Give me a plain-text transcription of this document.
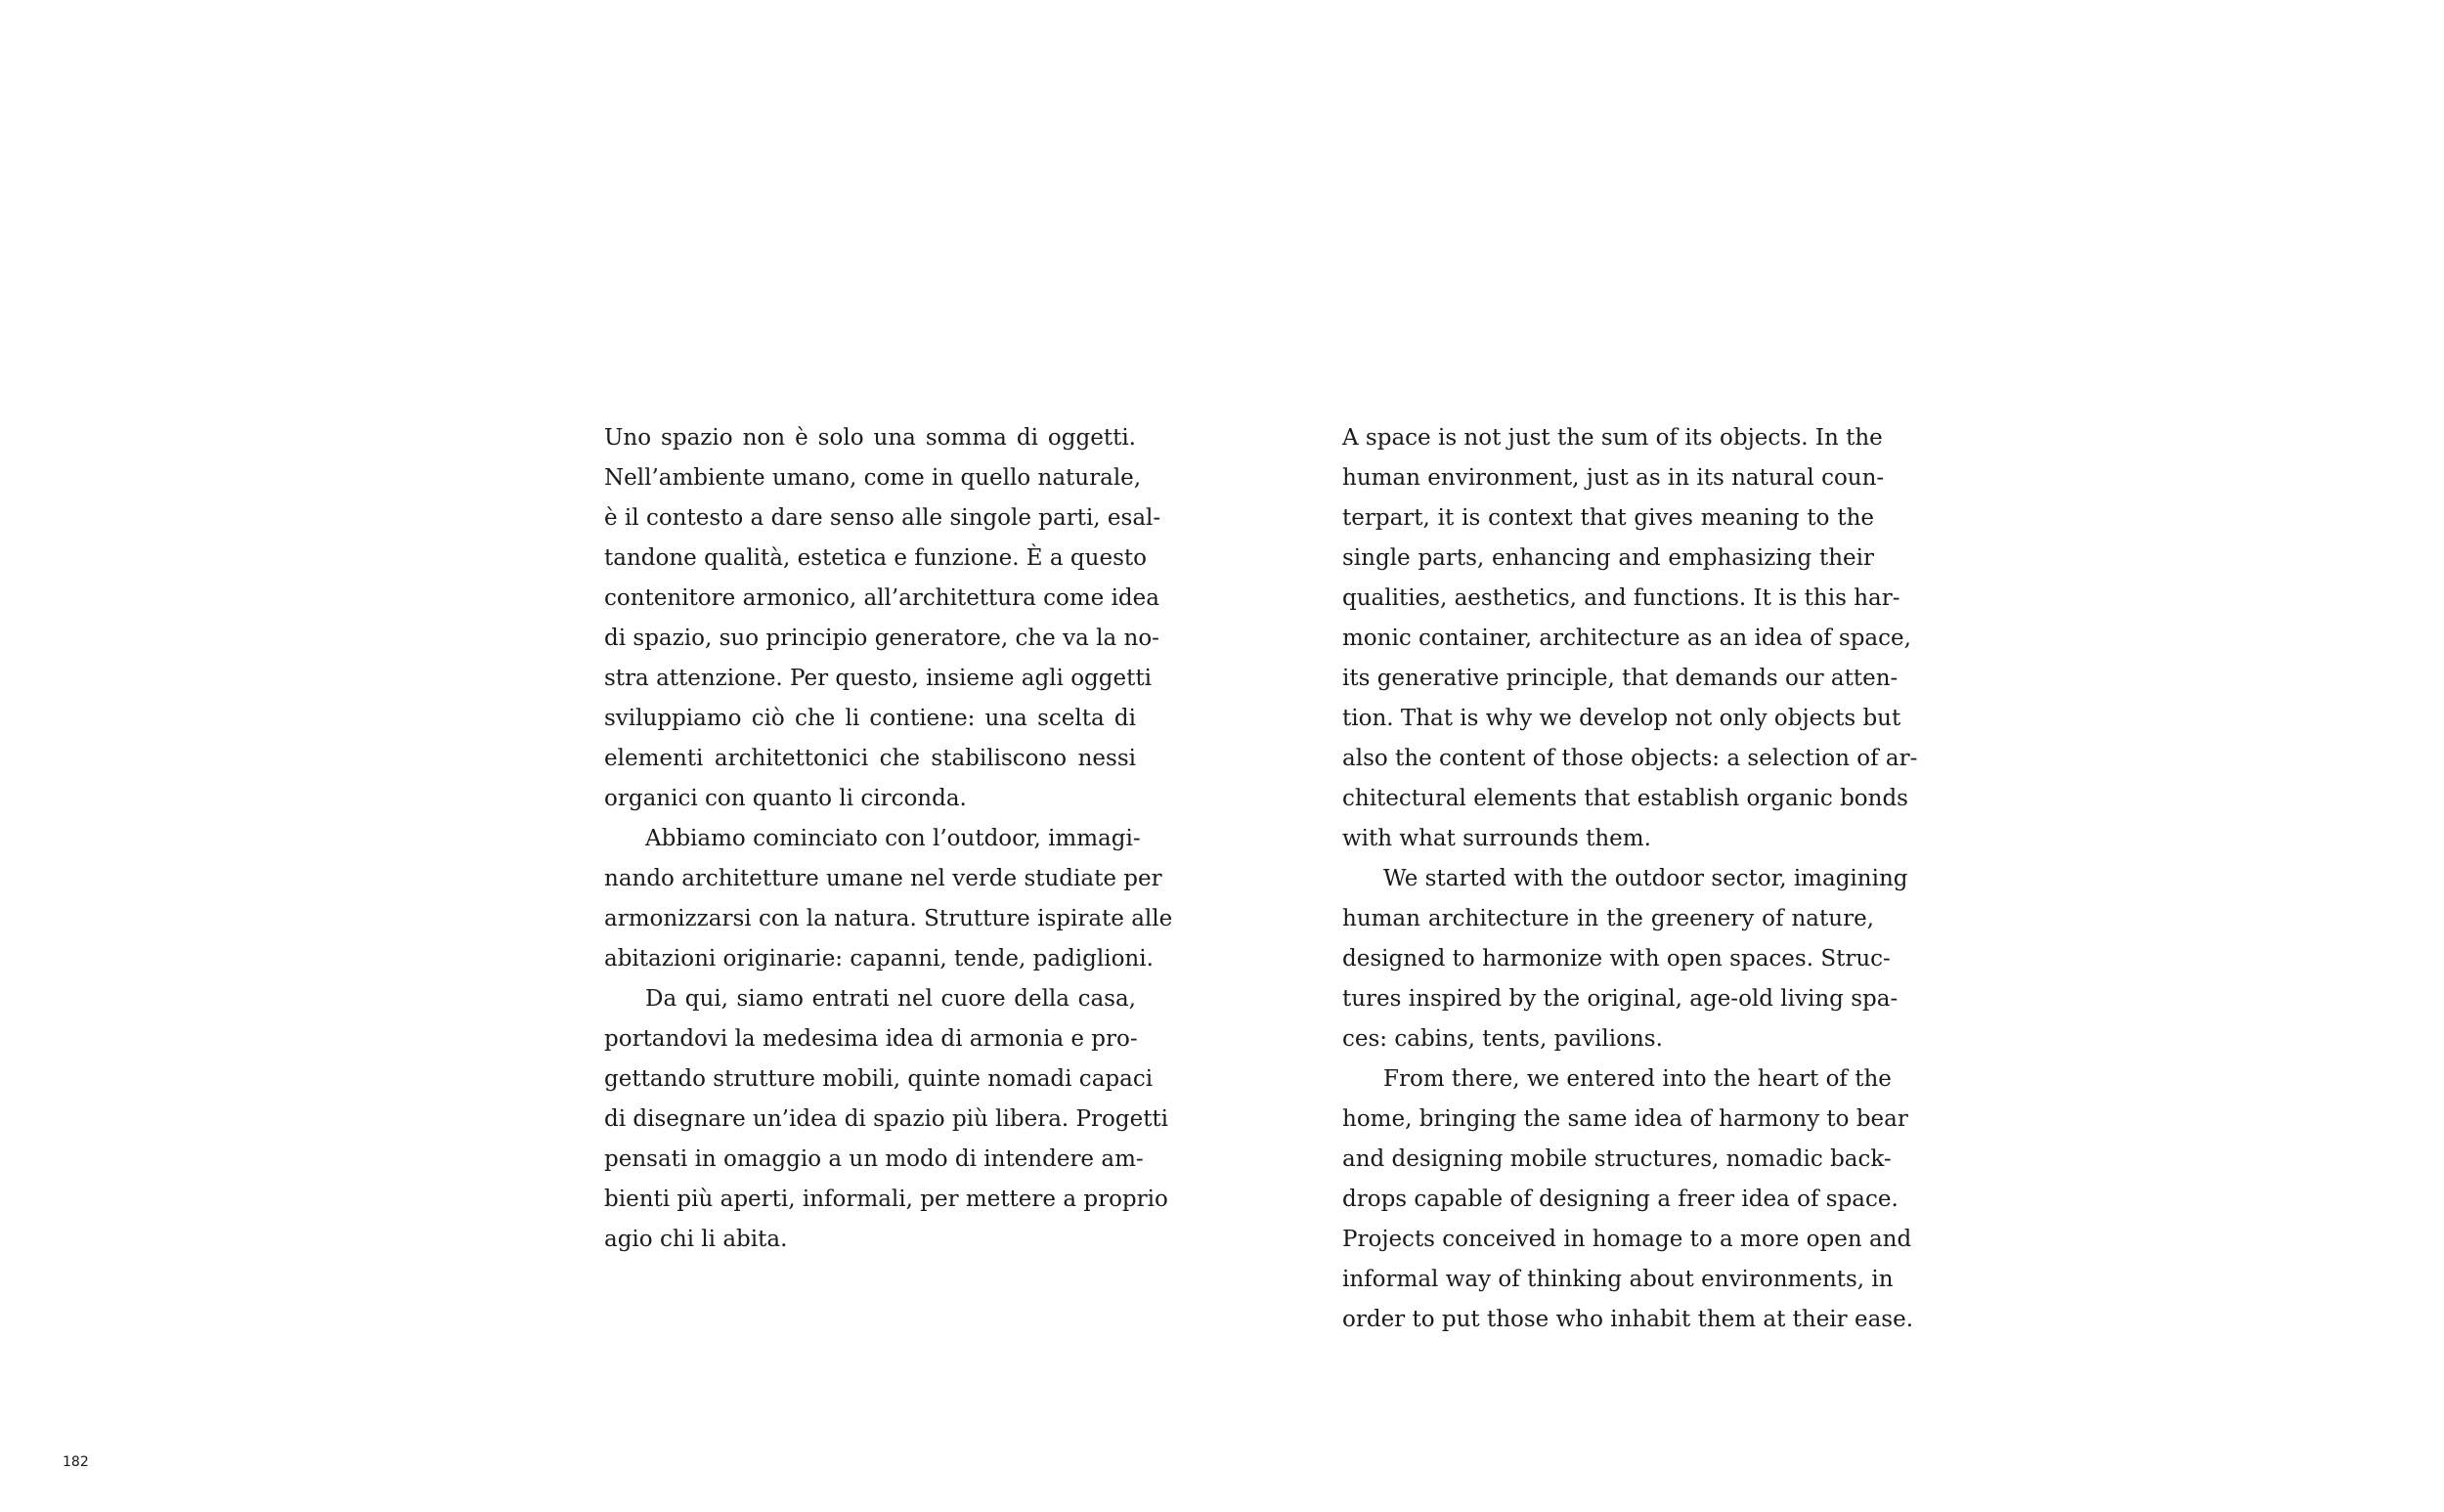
Uno spazio non è solo una somma di oggetti.
Nell’ambiente umano, come in quello naturale,
è il contesto a dare senso alle singole parti, esal-
tandone qualità, estetica e funzione. È a questo
contenitore armonico, all’architettura come idea
di spazio, suo principio generatore, che va la no-
stra attenzione. Per questo, insieme agli oggetti
sviluppiamo ciò che li contiene: una scelta di
elementi architettonici che stabiliscono nessi
organici con quanto li circonda.
Abbiamo cominciato con l’outdoor, immagi-
nando architetture umane nel verde studiate per
armonizzarsi con la natura. Strutture ispirate alle
abitazioni originarie: capanni, tende, padiglioni.
Da qui, siamo entrati nel cuore della casa,
portandovi la medesima idea di armonia e pro-
gettando strutture mobili, quinte nomadi capaci
di disegnare un’idea di spazio più libera. Progetti
pensati in omaggio a un modo di intendere am-
bienti più aperti, informali, per mettere a proprio
agio chi li abita.
A space is not just the sum of its objects. In the
human environment, just as in its natural coun-
terpart, it is context that gives meaning to the
single parts, enhancing and emphasizing their
qualities, aesthetics, and functions. It is this har-
monic container, architecture as an idea of space,
its generative principle, that demands our atten-
tion. That is why we develop not only objects but
also the content of those objects: a selection of ar-
chitectural elements that establish organic bonds
with what surrounds them.
We started with the outdoor sector, imagining
human architecture in the greenery of nature,
designed to harmonize with open spaces. Struc-
tures inspired by the original, age-old living spa-
ces: cabins, tents, pavilions.
From there, we entered into the heart of the
home, bringing the same idea of harmony to bear
and designing mobile structures, nomadic back-
drops capable of designing a freer idea of space.
Projects conceived in homage to a more open and
informal way of thinking about environments, in
order to put those who inhabit them at their ease.
182
